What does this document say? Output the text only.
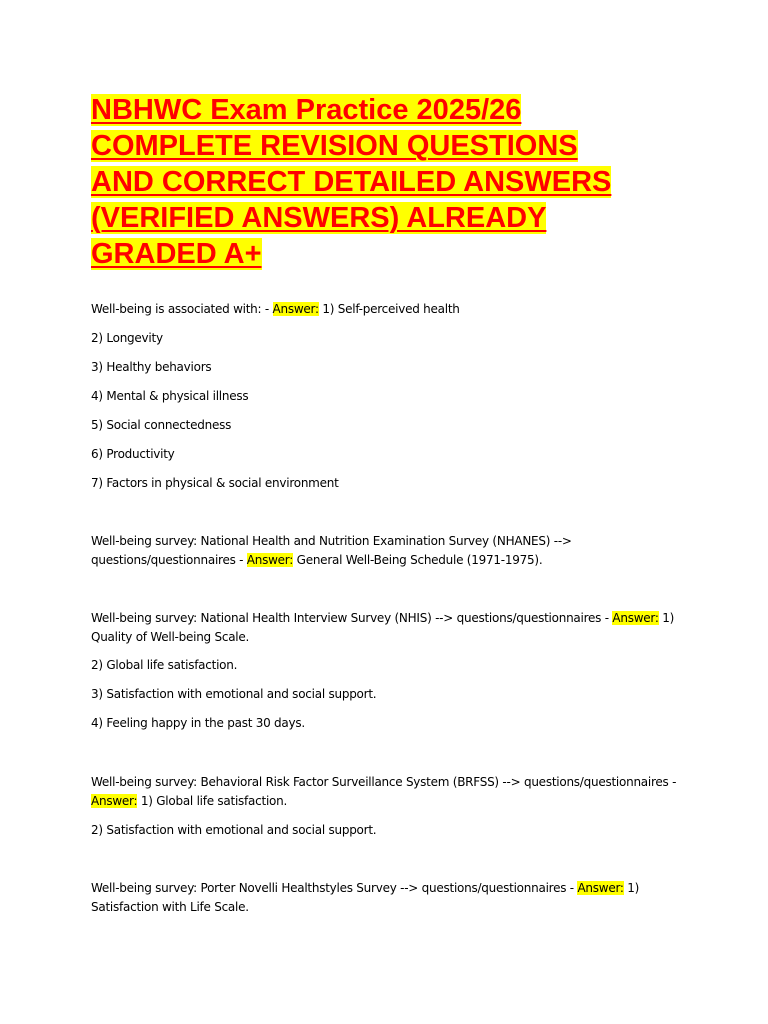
NBHWC Exam Practice 2025/26
COMPLETE REVISION QUESTIONS
AND CORRECT DETAILED ANSWERS
(VERIFIED ANSWERS) ALREADY
GRADED A+

Well-being is associated with: - Answer: 1) Self-perceived health

2) Longevity

3) Healthy behaviors

4) Mental & physical illness

5) Social connectedness

6) Productivity

7) Factors in physical & social environment

Well-being survey: National Health and Nutrition Examination Survey (NHANES) -->
questions/questionnaires - Answer: General Well-Being Schedule (1971-1975).

Well-being survey: National Health Interview Survey (NHIS) --> questions/questionnaires - Answer: 1)
Quality of Well-being Scale.

2) Global life satisfaction.

3) Satisfaction with emotional and social support.

4) Feeling happy in the past 30 days.

Well-being survey: Behavioral Risk Factor Surveillance System (BRFSS) --> questions/questionnaires -
Answer: 1) Global life satisfaction.

2) Satisfaction with emotional and social support.

Well-being survey: Porter Novelli Healthstyles Survey --> questions/questionnaires - Answer: 1)
Satisfaction with Life Scale.
